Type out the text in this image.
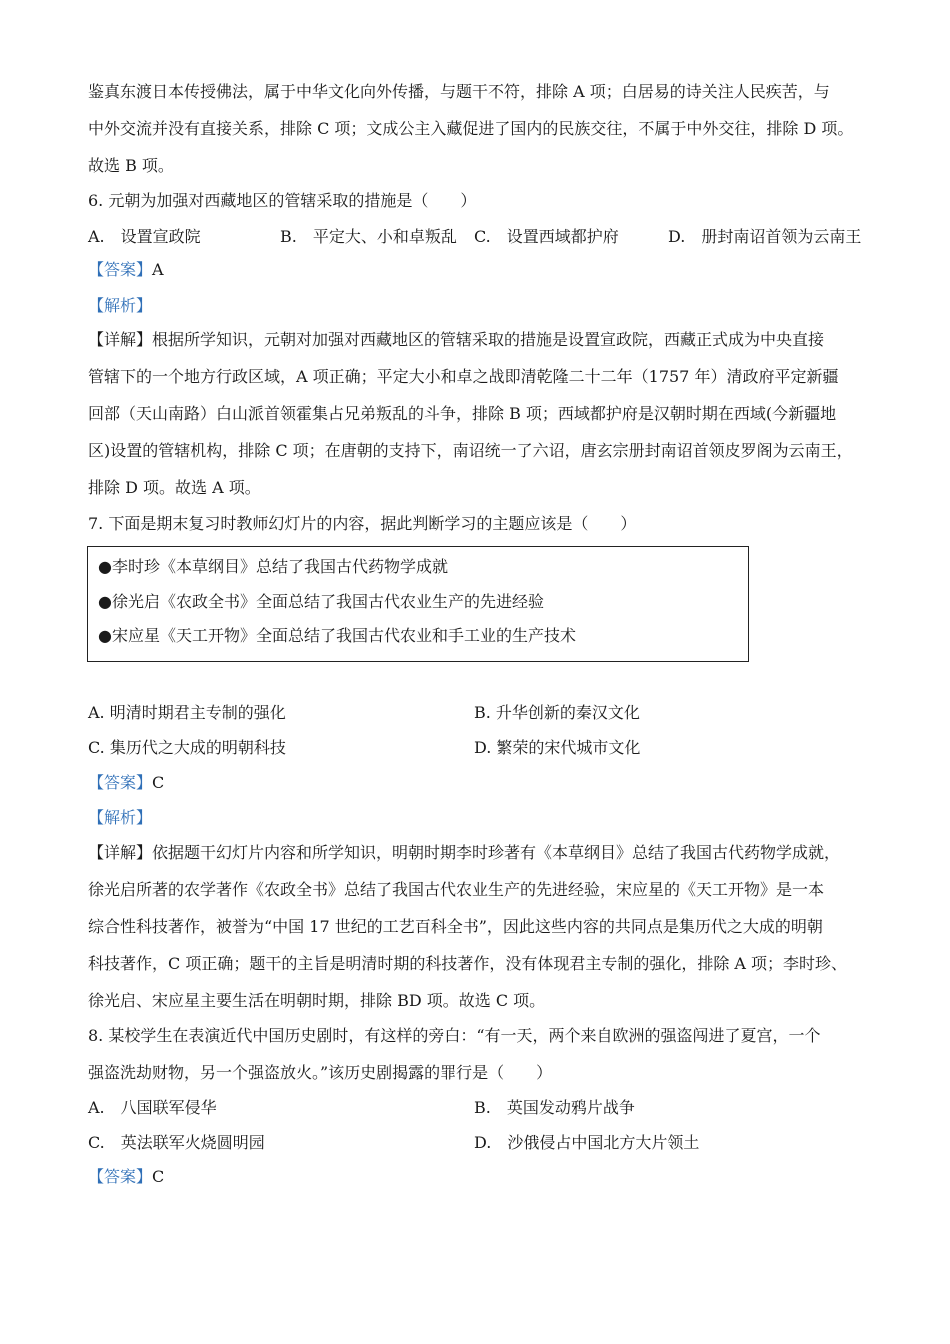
鉴真东渡日本传授佛法，属于中华文化向外传播，与题干不符，排除 A 项；白居易的诗关注人民疾苦，与
中外交流并没有直接关系，排除 C 项；文成公主入藏促进了国内的民族交往，不属于中外交往，排除 D 项。
故选 B 项。
6. 元朝为加强对西藏地区的管辖采取的措施是（　　）
A.　设置宣政院	B.　平定大、小和卓叛乱 C.　设置西域都护府	D.　册封南诏首领为云南王
【答案】A
【解析】
【详解】根据所学知识，元朝对加强对西藏地区的管辖采取的措施是设置宣政院，西藏正式成为中央直接
管辖下的一个地方行政区域，A 项正确；平定大小和卓之战即清乾隆二十二年（1757 年）清政府平定新疆
回部（天山南路）白山派首领霍集占兄弟叛乱的斗争，排除 B 项；西域都护府是汉朝时期在西域(今新疆地
区)设置的管辖机构，排除 C 项；在唐朝的支持下，南诏统一了六诏，唐玄宗册封南诏首领皮罗阁为云南王，
排除 D 项。故选 A 项。
7. 下面是期末复习时教师幻灯片的内容，据此判断学习的主题应该是（　　）
●李时珍《本草纲目》总结了我国古代药物学成就
●徐光启《农政全书》全面总结了我国古代农业生产的先进经验
●宋应星《天工开物》全面总结了我国古代农业和手工业的生产技术
A. 明清时期君主专制的强化	B. 升华创新的秦汉文化
C. 集历代之大成的明朝科技	D. 繁荣的宋代城市文化
【答案】C
【解析】
【详解】依据题干幻灯片内容和所学知识，明朝时期李时珍著有《本草纲目》总结了我国古代药物学成就，
徐光启所著的农学著作《农政全书》总结了我国古代农业生产的先进经验，宋应星的《天工开物》是一本
综合性科技著作，被誉为“中国 17 世纪的工艺百科全书”，因此这些内容的共同点是集历代之大成的明朝
科技著作，C 项正确；题干的主旨是明清时期的科技著作，没有体现君主专制的强化，排除 A 项；李时珍、
徐光启、宋应星主要生活在明朝时期，排除 BD 项。故选 C 项。
8. 某校学生在表演近代中国历史剧时，有这样的旁白：“有一天，两个来自欧洲的强盗闯进了夏宫，一个
强盗洗劫财物，另一个强盗放火。”该历史剧揭露的罪行是（　　）
A.　八国联军侵华	B.　英国发动鸦片战争
C.　英法联军火烧圆明园	D.　沙俄侵占中国北方大片领土
【答案】C
